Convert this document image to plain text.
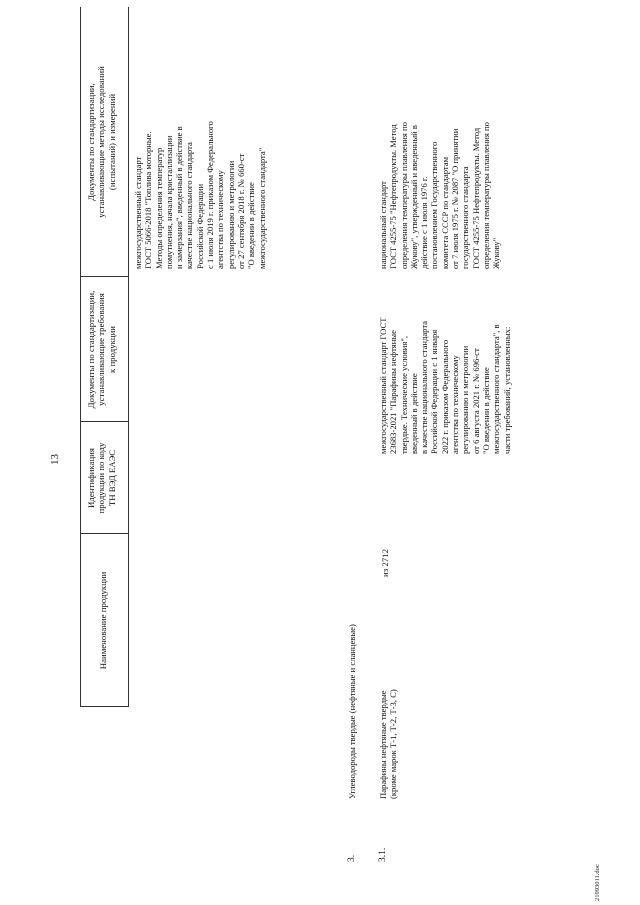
13
Наименование продукции
Идентификация
продукции по коду
ТН ВЭД ЕАЭС
Документы по стандартизации,
устанавливающие требования
к продукции
Документы по стандартизации,
устанавливающие методы исследований
(испытаний) и измерений
межгосударственный стандарт
ГОСТ 5066-2018 "Топлива моторные.
Методы определения температур
помутнения, начала кристаллизации
и замерзания", введенный в действие в
качестве национального стандарта
Российской Федерации
с 1 июля 2019 г. приказом Федерального
агентства по техническому
регулированию и метрологии
от 27 сентября 2018 г. № 660-ст
"О введении в действие
межгосударственного стандарта"
3.
Углеводороды твердые (нефтяные и сланцевые)
3.1.
Парафины нефтяные твердые
(кроме марок Т-1, Т-2, Т-3, С)
из 2712
межгосударственный стандарт ГОСТ
23683-2021 "Парафины нефтяные
твердые. Технические условия",
введенный в действие
в качестве национального стандарта
Российской Федерации с 1 января
2022 г. приказом Федерального
агентства по техническому
регулированию и метрологии
от 6 августа 2021 г. № 696-ст
"О введении в действие
межгосударственного стандарта", в
части требований, установленных:
национальный стандарт
ГОСТ 4255-75 "Нефтепродукты. Метод
определения температуры плавления по
Жукову", утвержденный и введенный в
действие с 1 июля 1976 г.
постановлением Государственного
комитета СССР по стандартам
от 7 июля 1975 г. № 2087 "О принятии
государственного стандарта
ГОСТ 4255-75 Нефтепродукты. Метод
определения температуры плавления по
Жукову"
21093011.doc
